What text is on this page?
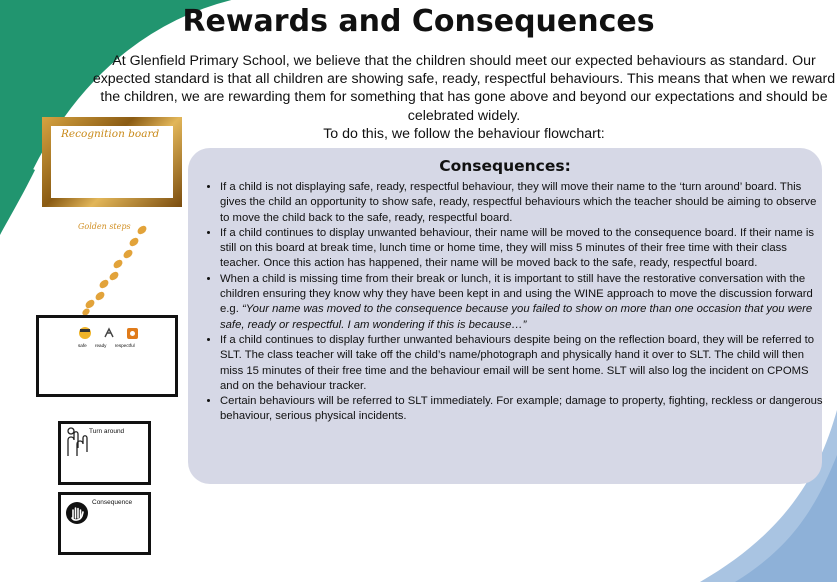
Rewards and Consequences

At Glenfield Primary School, we believe that the children should meet our expected behaviours as standard. Our expected standard is that all children are showing safe, ready, respectful behaviours. This means that when we reward the children, we are rewarding them for something that has gone above and beyond our expectations and should be celebrated widely.

To do this, we follow the behaviour flowchart:

Recognition board
Golden steps
safe ready respectful
Turn around
Consequence
Consequences:
• If a child is not displaying safe, ready, respectful behaviour, they will move their name to the ‘turn around’ board. This gives the child an opportunity to show safe, ready, respectful behaviours which the teacher should be aiming to observe to move the child back to the safe, ready, respectful board.
• If a child continues to display unwanted behaviour, their name will be moved to the consequence board. If their name is still on this board at break time, lunch time or home time, they will miss 5 minutes of their free time with their class teacher. Once this action has happened, their name will be moved back to the safe, ready, respectful board.
• When a child is missing time from their break or lunch, it is important to still have the restorative conversation with the children ensuring they know why they have been kept in and using the WINE approach to move the discussion forward e.g. “Your name was moved to the consequence because you failed to show on more than one occasion that you were safe, ready or respectful. I am wondering if this is because…”
• If a child continues to display further unwanted behaviours despite being on the reflection board, they will be referred to SLT. The class teacher will take off the child’s name/photograph and physically hand it over to SLT. The child will then miss 15 minutes of their free time and the behaviour email will be sent home. SLT will also log the incident on CPOMS and on the behaviour tracker.
• Certain behaviours will be referred to SLT immediately. For example; damage to property, fighting, reckless or dangerous behaviour, serious physical incidents.
